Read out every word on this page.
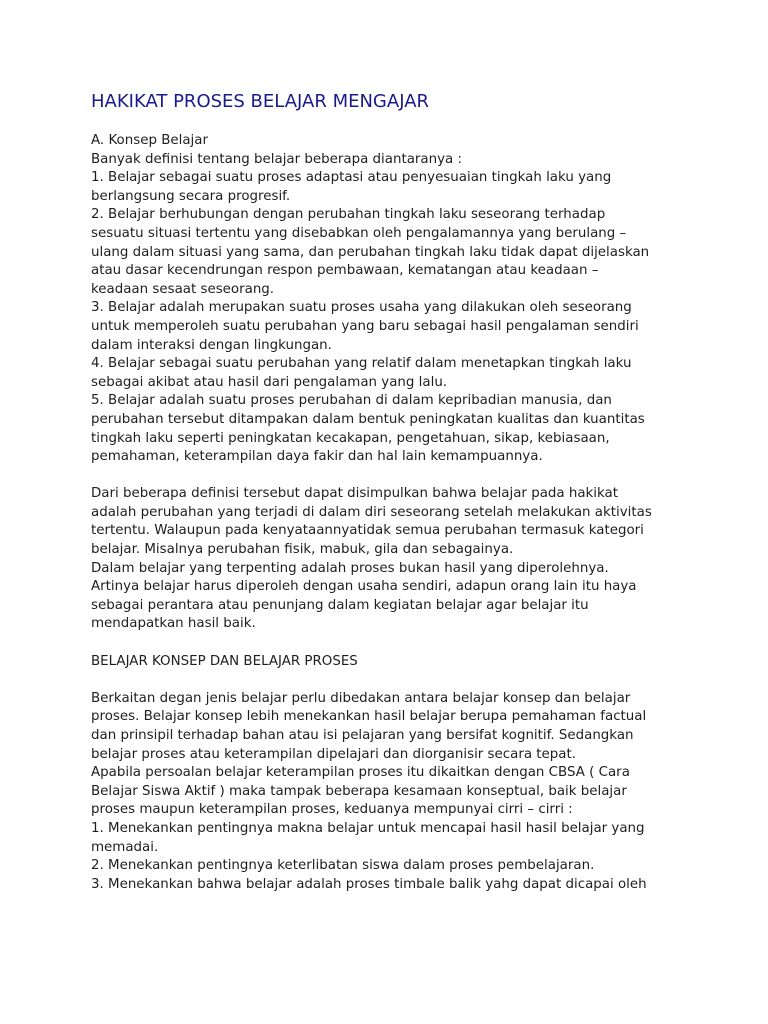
HAKIKAT PROSES BELAJAR MENGAJAR
A. Konsep Belajar
Banyak definisi tentang belajar beberapa diantaranya :
1. Belajar sebagai suatu proses adaptasi atau penyesuaian tingkah laku yang
berlangsung secara progresif.
2. Belajar berhubungan dengan perubahan tingkah laku seseorang terhadap
sesuatu situasi tertentu yang disebabkan oleh pengalamannya yang berulang –
ulang dalam situasi yang sama, dan perubahan tingkah laku tidak dapat dijelaskan
atau dasar kecendrungan respon pembawaan, kematangan atau keadaan –
keadaan sesaat seseorang.
3. Belajar adalah merupakan suatu proses usaha yang dilakukan oleh seseorang
untuk memperoleh suatu perubahan yang baru sebagai hasil pengalaman sendiri
dalam interaksi dengan lingkungan.
4. Belajar sebagai suatu perubahan yang relatif dalam menetapkan tingkah laku
sebagai akibat atau hasil dari pengalaman yang lalu.
5. Belajar adalah suatu proses perubahan di dalam kepribadian manusia, dan
perubahan tersebut ditampakan dalam bentuk peningkatan kualitas dan kuantitas
tingkah laku seperti peningkatan kecakapan, pengetahuan, sikap, kebiasaan,
pemahaman, keterampilan daya fakir dan hal lain kemampuannya.
Dari beberapa definisi tersebut dapat disimpulkan bahwa belajar pada hakikat
adalah perubahan yang terjadi di dalam diri seseorang setelah melakukan aktivitas
tertentu. Walaupun pada kenyataannyatidak semua perubahan termasuk kategori
belajar. Misalnya perubahan fisik, mabuk, gila dan sebagainya.
Dalam belajar yang terpenting adalah proses bukan hasil yang diperolehnya.
Artinya belajar harus diperoleh dengan usaha sendiri, adapun orang lain itu haya
sebagai perantara atau penunjang dalam kegiatan belajar agar belajar itu
mendapatkan hasil baik.
BELAJAR KONSEP DAN BELAJAR PROSES
Berkaitan degan jenis belajar perlu dibedakan antara belajar konsep dan belajar
proses. Belajar konsep lebih menekankan hasil belajar berupa pemahaman factual
dan prinsipil terhadap bahan atau isi pelajaran yang bersifat kognitif. Sedangkan
belajar proses atau keterampilan dipelajari dan diorganisir secara tepat.
Apabila persoalan belajar keterampilan proses itu dikaitkan dengan CBSA ( Cara
Belajar Siswa Aktif ) maka tampak beberapa kesamaan konseptual, baik belajar
proses maupun keterampilan proses, keduanya mempunyai cirri – cirri :
1. Menekankan pentingnya makna belajar untuk mencapai hasil hasil belajar yang
memadai.
2. Menekankan pentingnya keterlibatan siswa dalam proses pembelajaran.
3. Menekankan bahwa belajar adalah proses timbale balik yahg dapat dicapai oleh
